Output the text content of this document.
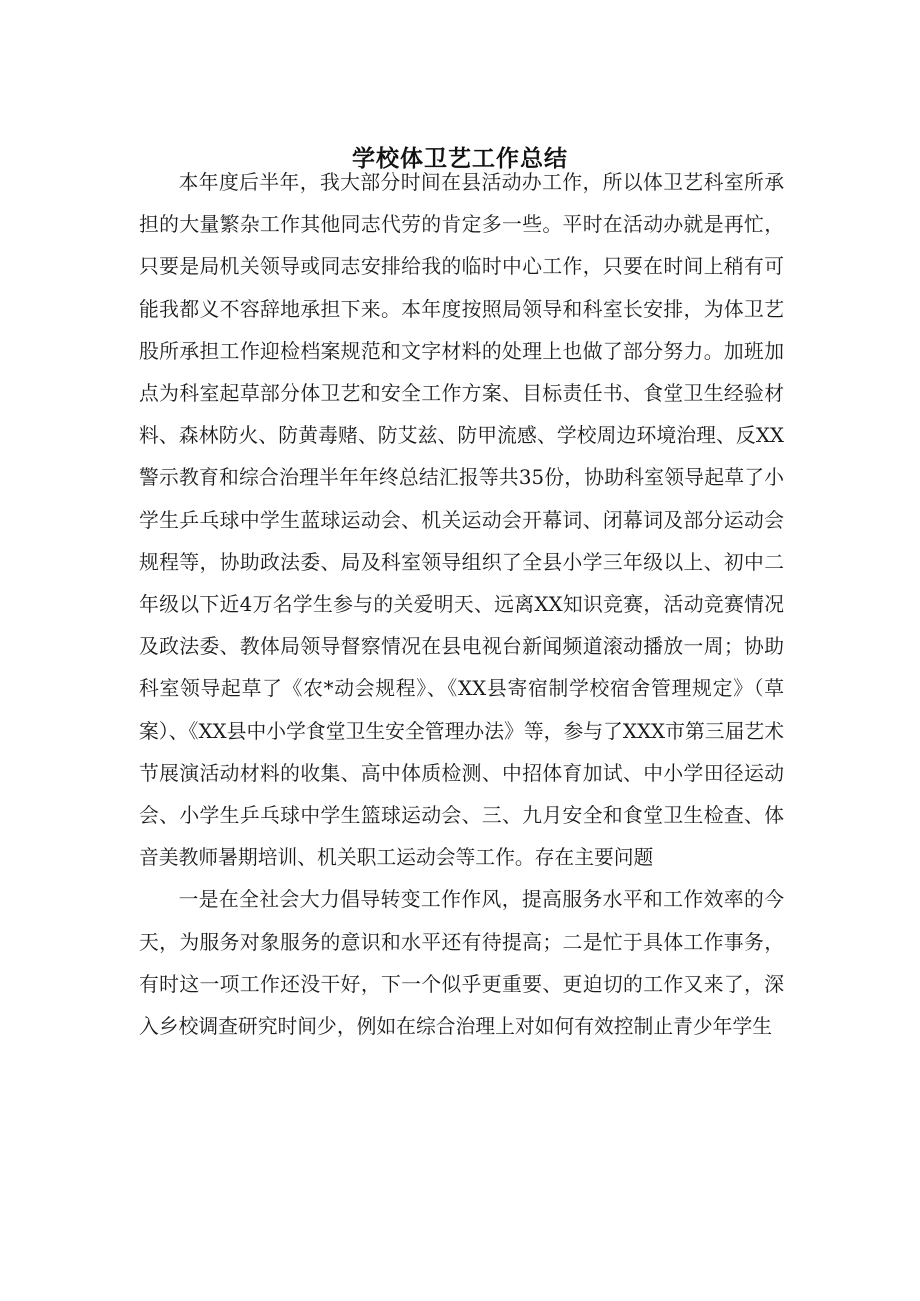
学校体卫艺工作总结

本年度后半年，我大部分时间在县活动办工作，所以体卫艺科室所承担的大量繁杂工作其他同志代劳的肯定多一些。平时在活动办就是再忙，只要是局机关领导或同志安排给我的临时中心工作，只要在时间上稍有可能我都义不容辞地承担下来。本年度按照局领导和科室长安排，为体卫艺股所承担工作迎检档案规范和文字材料的处理上也做了部分努力。加班加点为科室起草部分体卫艺和安全工作方案、目标责任书、食堂卫生经验材料、森林防火、防黄毒赌、防艾兹、防甲流感、学校周边环境治理、反XX警示教育和综合治理半年年终总结汇报等共35份，协助科室领导起草了小学生乒乓球中学生蓝球运动会、机关运动会开幕词、闭幕词及部分运动会规程等，协助政法委、局及科室领导组织了全县小学三年级以上、初中二年级以下近4万名学生参与的关爱明天、远离XX知识竞赛，活动竞赛情况及政法委、教体局领导督察情况在县电视台新闻频道滚动播放一周；协助科室领导起草了《农*动会规程》、《XX县寄宿制学校宿舍管理规定》（草案）、《XX县中小学食堂卫生安全管理办法》等，参与了XXX市第三届艺术节展演活动材料的收集、高中体质检测、中招体育加试、中小学田径运动会、小学生乒乓球中学生篮球运动会、三、九月安全和食堂卫生检查、体音美教师暑期培训、机关职工运动会等工作。存在主要问题

一是在全社会大力倡导转变工作作风，提高服务水平和工作效率的今天，为服务对象服务的意识和水平还有待提高；二是忙于具体工作事务，有时这一项工作还没干好，下一个似乎更重要、更迫切的工作又来了，深入乡校调查研究时间少，例如在综合治理上对如何有效控制止青少年学生
